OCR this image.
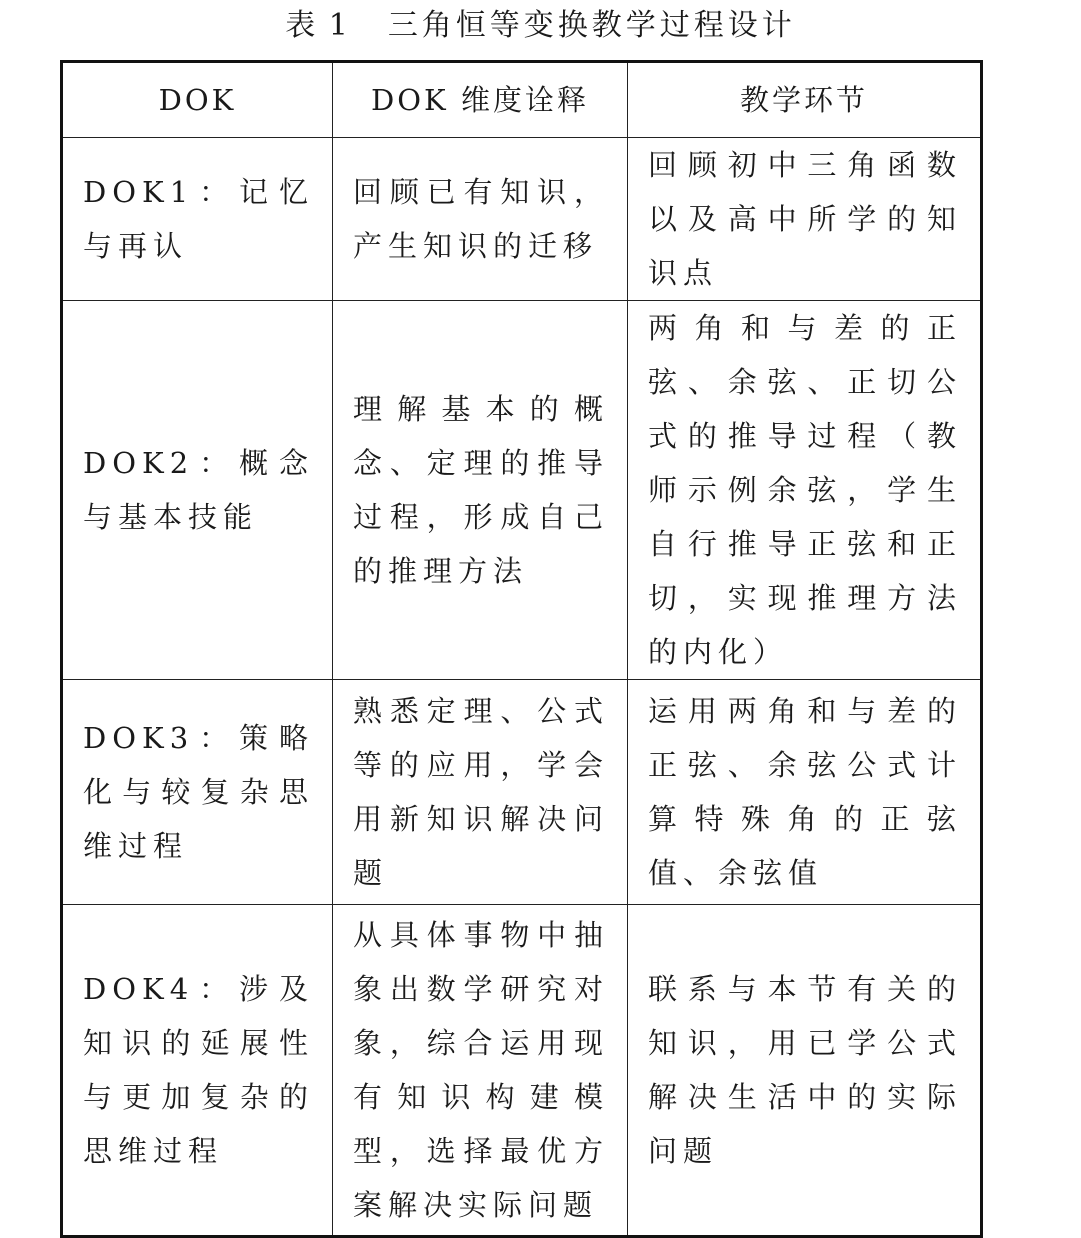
表 1 三角恒等变换教学过程设计
DOK	DOK 维度诠释	教学环节
DOK1：记忆与再认	回顾已有知识，产生知识的迁移	回顾初中三角函数以及高中所学的知识点
DOK2：概念与基本技能	理解基本的概念、定理的推导过程，形成自己的推理方法	两角和与差的正弦、余弦、正切公式的推导过程（教师示例余弦，学生自行推导正弦和正切，实现推理方法的内化）
DOK3：策略化与较复杂思维过程	熟悉定理、公式等的应用，学会用新知识解决问题	运用两角和与差的正弦、余弦公式计算特殊角的正弦值、余弦值
DOK4：涉及知识的延展性与更加复杂的思维过程	从具体事物中抽象出数学研究对象，综合运用现有知识构建模型，选择最优方案解决实际问题	联系与本节有关的知识，用已学公式解决生活中的实际问题
